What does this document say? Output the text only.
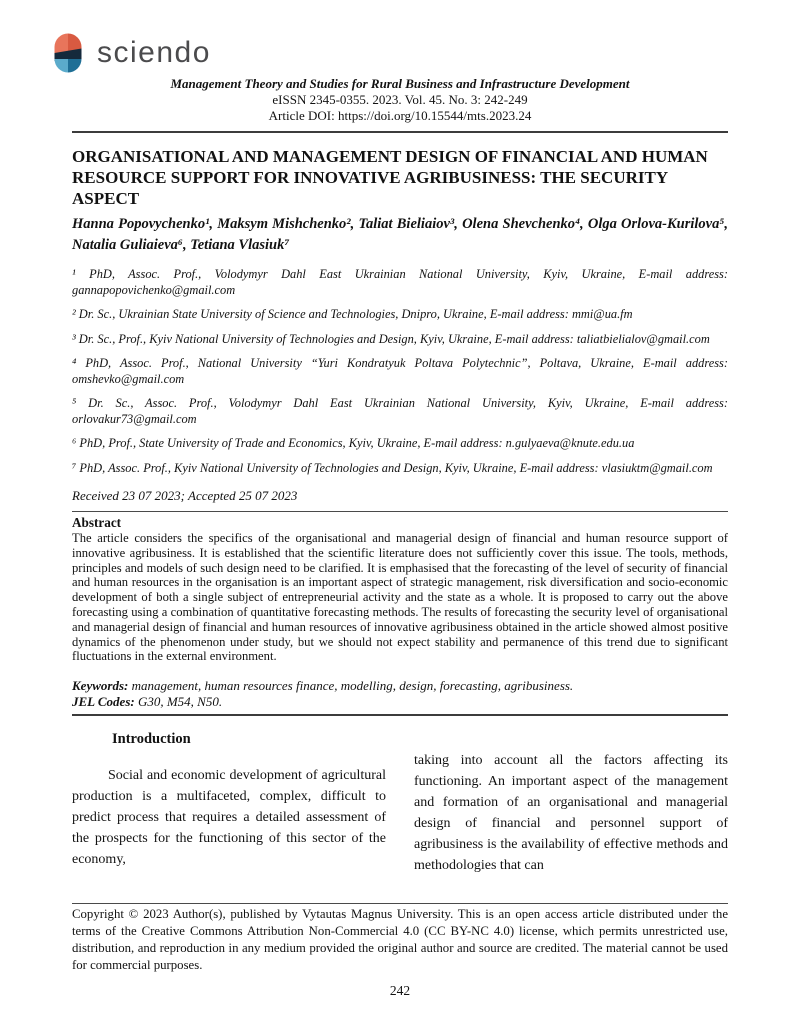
sciendo
Management Theory and Studies for Rural Business and Infrastructure Development
eISSN 2345-0355. 2023. Vol. 45. No. 3: 242-249
Article DOI: https://doi.org/10.15544/mts.2023.24
ORGANISATIONAL AND MANAGEMENT DESIGN OF FINANCIAL AND HUMAN RESOURCE SUPPORT FOR INNOVATIVE AGRIBUSINESS: THE SECURITY ASPECT
Hanna Popovychenko¹, Maksym Mishchenko², Taliat Bieliaiov³, Olena Shevchenko⁴, Olga Orlova-Kurilova⁵, Natalia Guliaieva⁶, Tetiana Vlasiuk⁷

¹ PhD, Assoc. Prof., Volodymyr Dahl East Ukrainian National University, Kyiv, Ukraine, E-mail address: gannapopovichenko@gmail.com

² Dr. Sc., Ukrainian State University of Science and Technologies, Dnipro, Ukraine, E-mail address: mmi@ua.fm

³ Dr. Sc., Prof., Kyiv National University of Technologies and Design, Kyiv, Ukraine, E-mail address: taliatbielialov@gmail.com

⁴ PhD, Assoc. Prof., National University “Yuri Kondratyuk Poltava Polytechnic”, Poltava, Ukraine, E-mail address: omshevko@gmail.com

⁵ Dr. Sc., Assoc. Prof., Volodymyr Dahl East Ukrainian National University, Kyiv, Ukraine, E-mail address: orlovakur73@gmail.com

⁶ PhD, Prof., State University of Trade and Economics, Kyiv, Ukraine, E-mail address: n.gulyaeva@knute.edu.ua

⁷ PhD, Assoc. Prof., Kyiv National University of Technologies and Design, Kyiv, Ukraine, E-mail address: vlasiuktm@gmail.com

Received 23 07 2023; Accepted 25 07 2023
Abstract
The article considers the specifics of the organisational and managerial design of financial and human resource support of innovative agribusiness. It is established that the scientific literature does not sufficiently cover this issue. The tools, methods, principles and models of such design need to be clarified. It is emphasised that the forecasting of the level of security of financial and human resources in the organisation is an important aspect of strategic management, risk diversification and socio-economic development of both a single subject of entrepreneurial activity and the state as a whole. It is proposed to carry out the above forecasting using a combination of quantitative forecasting methods. The results of forecasting the security level of organisational and managerial design of financial and human resources of innovative agribusiness obtained in the article showed almost positive dynamics of the phenomenon under study, but we should not expect stability and permanence of this trend due to significant fluctuations in the external environment.
Keywords: management, human resources finance, modelling, design, forecasting, agribusiness.
JEL Codes: G30, M54, N50.
Introduction

Social and economic development of agricultural production is a multifaceted, complex, difficult to predict process that requires a detailed assessment of the prospects for the functioning of this sector of the economy,

taking into account all the factors affecting its functioning. An important aspect of the management and formation of an organisational and managerial design of financial and personnel support of agribusiness is the availability of effective methods and methodologies that can

Copyright © 2023 Author(s), published by Vytautas Magnus University. This is an open access article distributed under the terms of the Creative Commons Attribution Non-Commercial 4.0 (CC BY-NC 4.0) license, which permits unrestricted use, distribution, and reproduction in any medium provided the original author and source are credited. The material cannot be used for commercial purposes.
242
